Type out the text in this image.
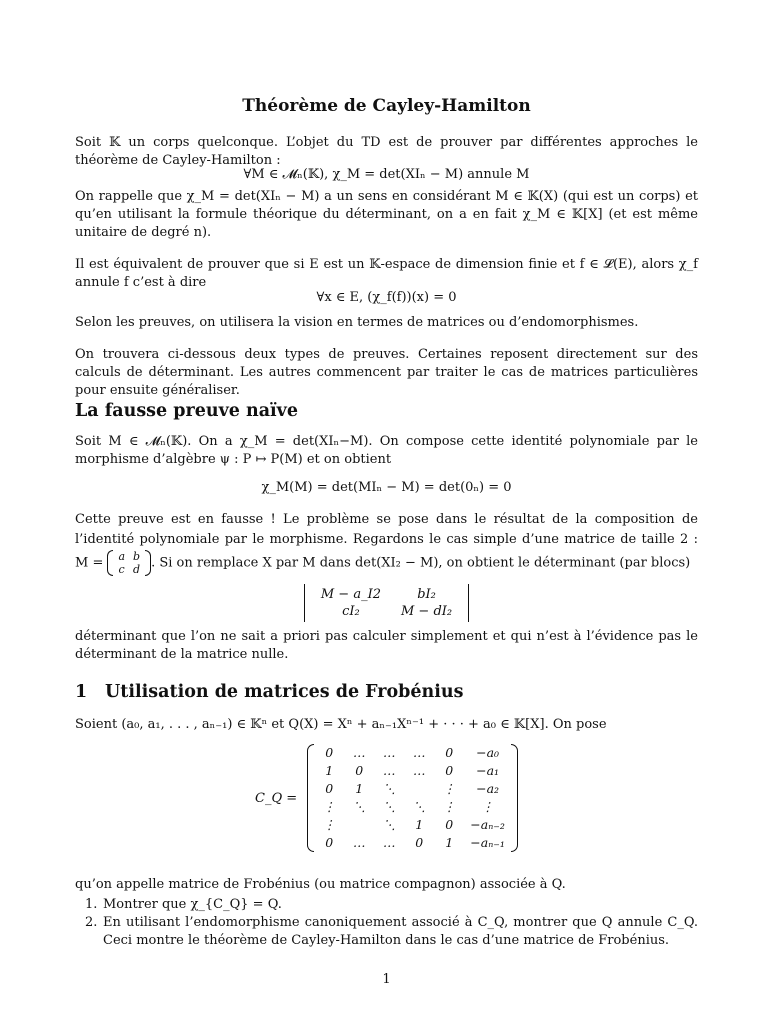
Théorème de Cayley-Hamilton
Soit 𝕂 un corps quelconque. L’objet du TD est de prouver par différentes approches le théorème de Cayley-Hamilton :
∀M ∈ 𝓜ₙ(𝕂), χ_M = det(XIₙ − M) annule M
On rappelle que χ_M = det(XIₙ − M) a un sens en considérant M ∈ 𝕂(X) (qui est un corps) et qu’en utilisant la formule théorique du déterminant, on a en fait χ_M ∈ 𝕂[X] (et est même unitaire de degré n).
Il est équivalent de prouver que si E est un 𝕂-espace de dimension finie et f ∈ 𝓛(E), alors χ_f annule f c’est à dire
∀x ∈ E, (χ_f(f))(x) = 0
Selon les preuves, on utilisera la vision en termes de matrices ou d’endomorphismes.
On trouvera ci-dessous deux types de preuves. Certaines reposent directement sur des calculs de déterminant. Les autres commencent par traiter le cas de matrices particulières pour ensuite généraliser.
La fausse preuve naïve
Soit M ∈ 𝓜ₙ(𝕂). On a χ_M = det(XIₙ−M). On compose cette identité polynomiale par le morphisme d’algèbre ψ : P ↦ P(M) et on obtient
χ_M(M) = det(MIₙ − M) = det(0ₙ) = 0
Cette preuve est en fausse ! Le problème se pose dans le résultat de la composition de l’identité polynomiale par le morphisme. Regardons le cas simple d’une matrice de taille 2 : M = a	b
c	d . Si on remplace X par M dans det(XI₂ − M), on obtient le déterminant (par blocs)
M − a_I2	bI₂
cI₂	M − dI₂
déterminant que l’on ne sait a priori pas calculer simplement et qui n’est à l’évidence pas le déterminant de la matrice nulle.
1 Utilisation de matrices de Frobénius
Soient (a₀, a₁, . . . , aₙ₋₁) ∈ 𝕂ⁿ et Q(X) = Xⁿ + aₙ₋₁Xⁿ⁻¹ + · · · + a₀ ∈ 𝕂[X]. On pose
C_Q =
0	…	…	…	0	−a₀
1	0	…	…	0	−a₁
0	1	⋱		⋮	−a₂
⋮	⋱	⋱	⋱	⋮	⋮
⋮		⋱	1	0	−aₙ₋₂
0	…	…	0	1	−aₙ₋₁
qu’on appelle matrice de Frobénius (ou matrice compagnon) associée à Q.
1. Montrer que χ_{C_Q} = Q.
2. En utilisant l’endomorphisme canoniquement associé à C_Q, montrer que Q annule C_Q. Ceci montre le théorème de Cayley-Hamilton dans le cas d’une matrice de Frobénius.
1
